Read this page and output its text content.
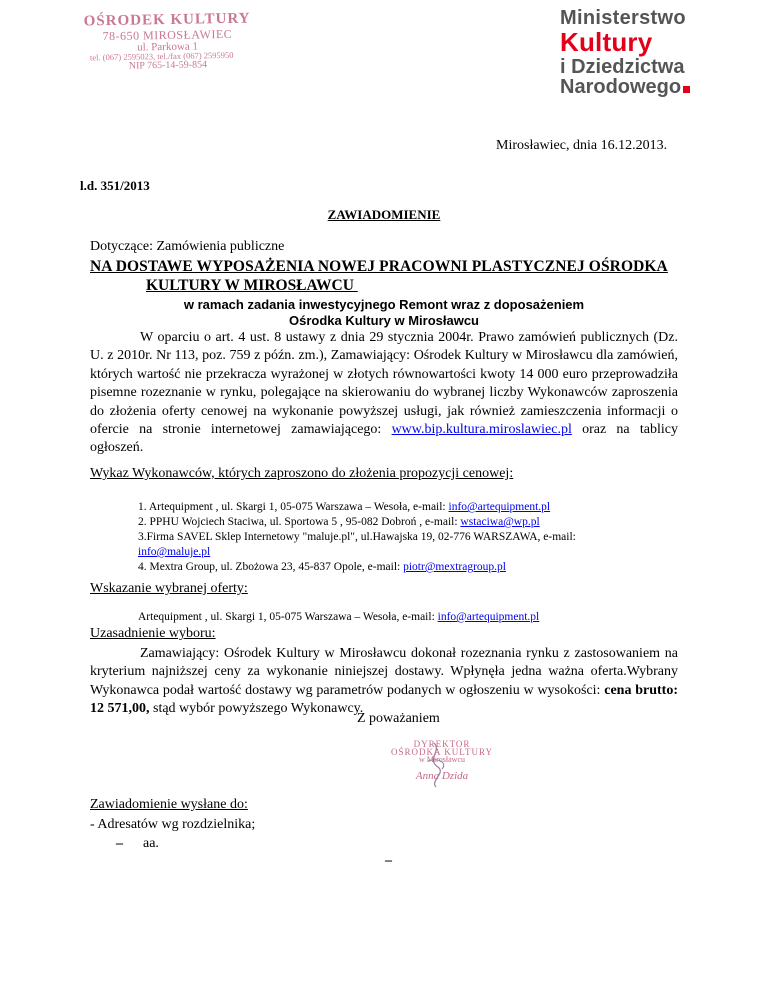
OŚRODEK KULTURY
78-650 MIROSŁAWIEC
ul. Parkowa 1
tel. (067) 2595023, tel./fax (067) 2595950
NIP 765-14-59-854
Ministerstwo
Kultury
i Dziedzictwa
Narodowego
Mirosławiec, dnia 16.12.2013.
l.d. 351/2013
ZAWIADOMIENIE
Dotyczące: Zamówienia publiczne
NA DOSTAWE WYPOSAŻENIA NOWEJ PRACOWNI PLASTYCZNEJ OŚRODKA
KULTURY W MIROSŁAWCU
w ramach zadania inwestycyjnego Remont wraz z doposażeniem
Ośrodka Kultury w Mirosławcu
W oparciu o art. 4 ust. 8 ustawy z dnia 29 stycznia 2004r. Prawo zamówień publicznych (Dz. U. z 2010r. Nr 113, poz. 759 z późn. zm.), Zamawiający: Ośrodek Kultury w Mirosławcu dla zamówień, których wartość nie przekracza wyrażonej w złotych równowartości kwoty 14 000 euro przeprowadziła pisemne rozeznanie w rynku, polegające na skierowaniu do wybranej liczby Wykonawców zaproszenia do złożenia oferty cenowej na wykonanie powyższej usługi, jak również zamieszczenia informacji o ofercie na stronie internetowej zamawiającego: www.bip.kultura.miroslawiec.pl oraz na tablicy ogłoszeń.
Wykaz Wykonawców, których zaproszono do złożenia propozycji cenowej:
1. Artequipment , ul. Skargi 1, 05-075 Warszawa – Wesoła, e-mail: info@artequipment.pl
2. PPHU Wojciech Staciwa, ul. Sportowa 5 , 95-082 Dobroń , e-mail: wstaciwa@wp.pl
3.Firma SAVEL Sklep Internetowy "maluje.pl", ul.Hawajska 19, 02-776 WARSZAWA, e-mail:
info@maluje.pl
4. Mextra Group, ul. Zbożowa 23, 45-837 Opole, e-mail: piotr@mextragroup.pl
Wskazanie wybranej oferty:
Artequipment , ul. Skargi 1, 05-075 Warszawa – Wesoła, e-mail: info@artequipment.pl
Uzasadnienie wyboru:
Zamawiający: Ośrodek Kultury w Mirosławcu dokonał rozeznania rynku z zastosowaniem na kryterium najniższej ceny za wykonanie niniejszej dostawy. Wpłynęła jedna ważna oferta.Wybrany Wykonawca podał wartość dostawy wg parametrów podanych w ogłoszeniu w wysokości: cena brutto: 12 571,00, stąd wybór powyższego Wykonawcy.
Z poważaniem
DYREKTOR
OŚRODKA KULTURY
w Mirosławcu
Anna Dzida
Zawiadomienie wysłane do:
- Adresatów wg rozdzielnika;
– aa.
–
